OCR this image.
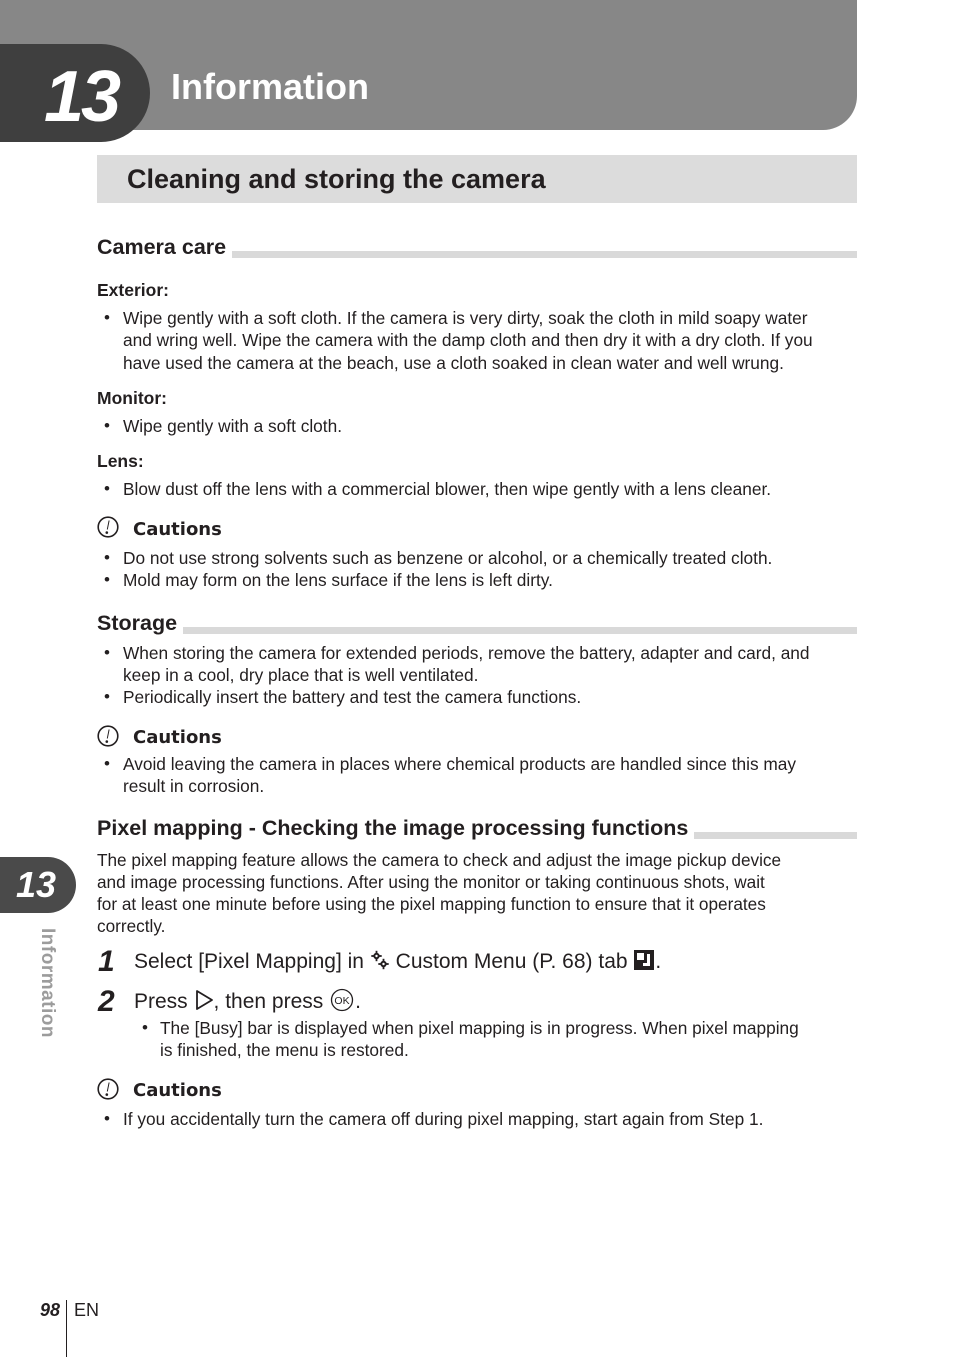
13 Information
Cleaning and storing the camera
Camera care
Exterior:
• Wipe gently with a soft cloth. If the camera is very dirty, soak the cloth in mild soapy water
and wring well. Wipe the camera with the damp cloth and then dry it with a dry cloth. If you
have used the camera at the beach, use a cloth soaked in clean water and well wrung.
Monitor:
• Wipe gently with a soft cloth.
Lens:
• Blow dust off the lens with a commercial blower, then wipe gently with a lens cleaner.
Cautions
• Do not use strong solvents such as benzene or alcohol, or a chemically treated cloth.
• Mold may form on the lens surface if the lens is left dirty.
Storage
• When storing the camera for extended periods, remove the battery, adapter and card, and
keep in a cool, dry place that is well ventilated.
• Periodically insert the battery and test the camera functions.
Cautions
• Avoid leaving the camera in places where chemical products are handled since this may
result in corrosion.
Pixel mapping - Checking the image processing functions
The pixel mapping feature allows the camera to check and adjust the image pickup device
and image processing functions. After using the monitor or taking continuous shots, wait
for at least one minute before using the pixel mapping function to ensure that it operates
correctly.
1 Select [Pixel Mapping] in Custom Menu (P. 68) tab .
2 Press , then press OK .
• The [Busy] bar is displayed when pixel mapping is in progress. When pixel mapping
is finished, the menu is restored.
Cautions
• If you accidentally turn the camera off during pixel mapping, start again from Step 1.
13
Information
98 EN
